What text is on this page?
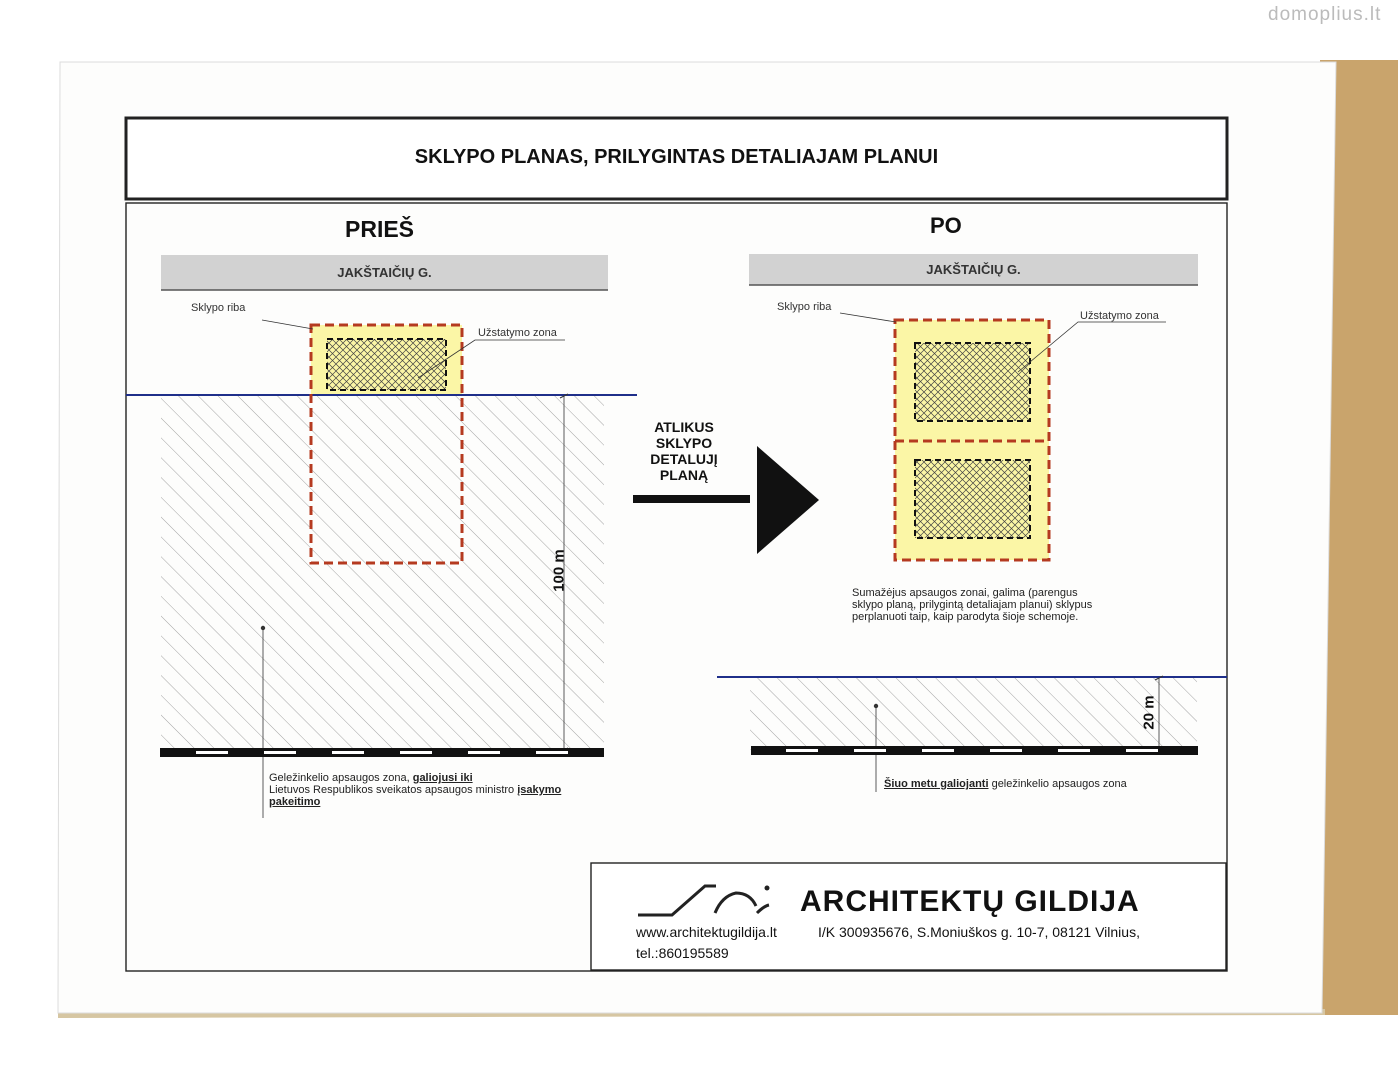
domoplius.lt
SKLYPO PLANAS, PRILYGINTAS DETALIAJAM PLANUI
PRIEŠ
JAKŠTAIČIŲ G.
Sklypo riba
Užstatymo zona
100 m
Geležinkelio apsaugos zona, galiojusi iki
Lietuvos Respublikos sveikatos apsaugos ministro įsakymo
pakeitimo
ATLIKUS
SKLYPO
DETALUJĮ
PLANĄ
PO
JAKŠTAIČIŲ G.
Sklypo riba
Užstatymo zona
Sumažėjus apsaugos zonai, galima (parengus
sklypo planą, prilygintą detaliajam planui) sklypus
perplanuoti taip, kaip parodyta šioje schemoje.
20 m
Šiuo metu galiojanti geležinkelio apsaugos zona
ARCHITEKTŲ GILDIJA
www.architektugildija.lt	I/K 300935676, S.Moniuškos g. 10-7, 08121 Vilnius,
tel.:860195589
